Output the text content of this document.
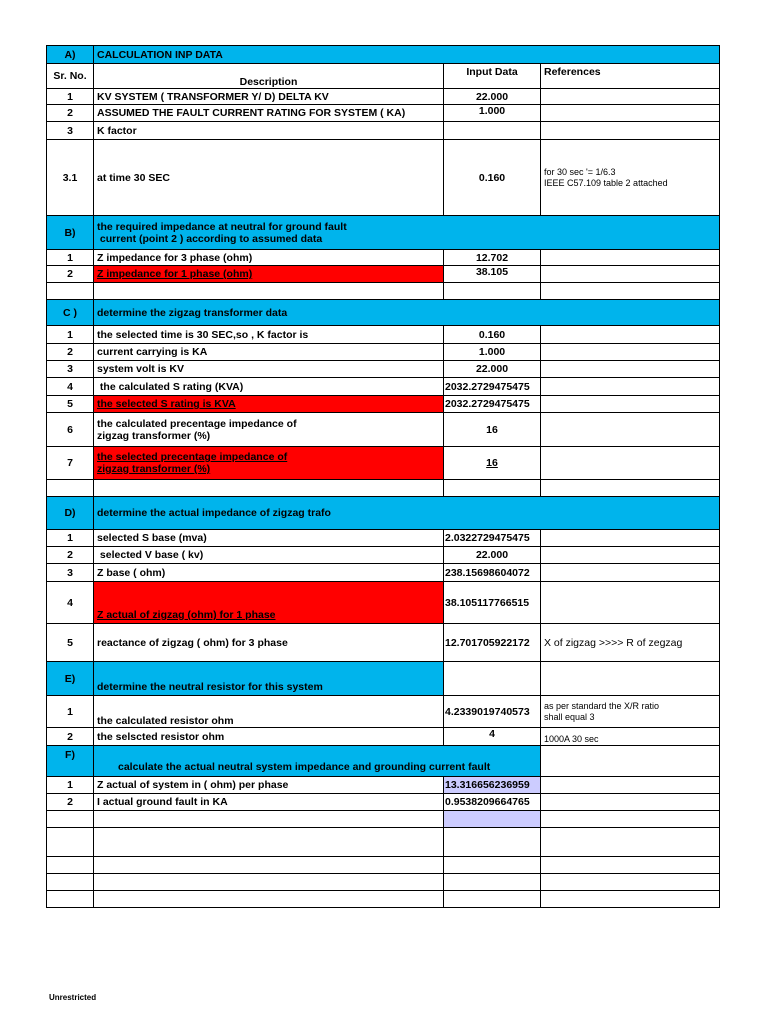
A)	CALCULATION INP DATA		
Sr. No.	Description	Input Data	References
1	KV SYSTEM ( TRANSFORMER Y/ D) DELTA KV	22.000	
2	ASSUMED THE FAULT CURRENT RATING FOR SYSTEM ( KA)	1.000	
3	K factor		
3.1	at time 30 SEC	0.160	for 30 sec '= 1/6.3
IEEE C57.109 table 2 attached

B)	the required impedance at neutral for ground fault
current (point 2 ) according to assumed data		

1	Z impedance for 3 phase (ohm)	12.702	
2	Z impedance for 1 phase (ohm)	38.105	

C )	determine the zigzag transformer data		
1	the selected time is 30 SEC,so , K factor is	0.160	
2	current carrying is KA	1.000	
3	system volt is KV	22.000	
4	the calculated S rating (KVA)	2032.2729475475	
5	the selected S rating is KVA	2032.2729475475	
6	the calculated precentage impedance of
zigzag transformer (%)	16	
7	the selected precentage impedance of
zigzag transformer (%)	16	

D)	determine the actual impedance of zigzag trafo		
1	selected S base (mva)	2.0322729475475	
2	selected V base ( kv)	22.000	
3	Z base ( ohm)	238.15698604072	
4	Z actual of zigzag (ohm) for 1 phase	38.105117766515	
5	reactance of zigzag ( ohm) for 3 phase	12.701705922172	X of zigzag >>>> R of zegzag
E)	determine the neutral resistor for this system		
1	the calculated resistor ohm	4.2339019740573	as per standard the X/R ratio
shall equal 3

2	the selscted resistor ohm	4	1000A 30 sec
F)	calculate the actual neutral system impedance and grounding current fault		
1	Z actual of system in ( ohm) per phase	13.316656236959	
2	I actual ground fault in KA	0.9538209664765	

Unrestricted
